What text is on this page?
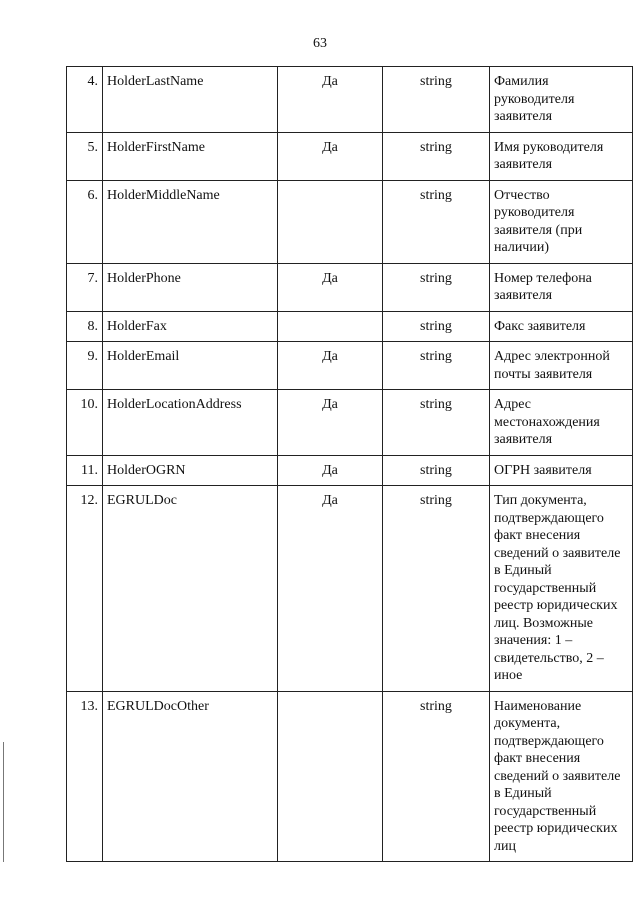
63
4.	HolderLastName	Да	string	Фамилия руководителя заявителя
5.	HolderFirstName	Да	string	Имя руководителя заявителя
6.	HolderMiddleName		string	Отчество руководителя заявителя (при наличии)
7.	HolderPhone	Да	string	Номер телефона заявителя
8.	HolderFax		string	Факс заявителя
9.	HolderEmail	Да	string	Адрес электронной почты заявителя
10.	HolderLocationAddress	Да	string	Адрес местонахождения заявителя
11.	HolderOGRN	Да	string	ОГРН заявителя
12.	EGRULDoc	Да	string	Тип документа, подтверждающего факт внесения сведений о заявителе в Единый государственный реестр юридических лиц. Возможные значения: 1 – свидетельство, 2 – иное
13.	EGRULDocOther		string	Наименование документа, подтверждающего факт внесения сведений о заявителе в Единый государственный реестр юридических лиц
